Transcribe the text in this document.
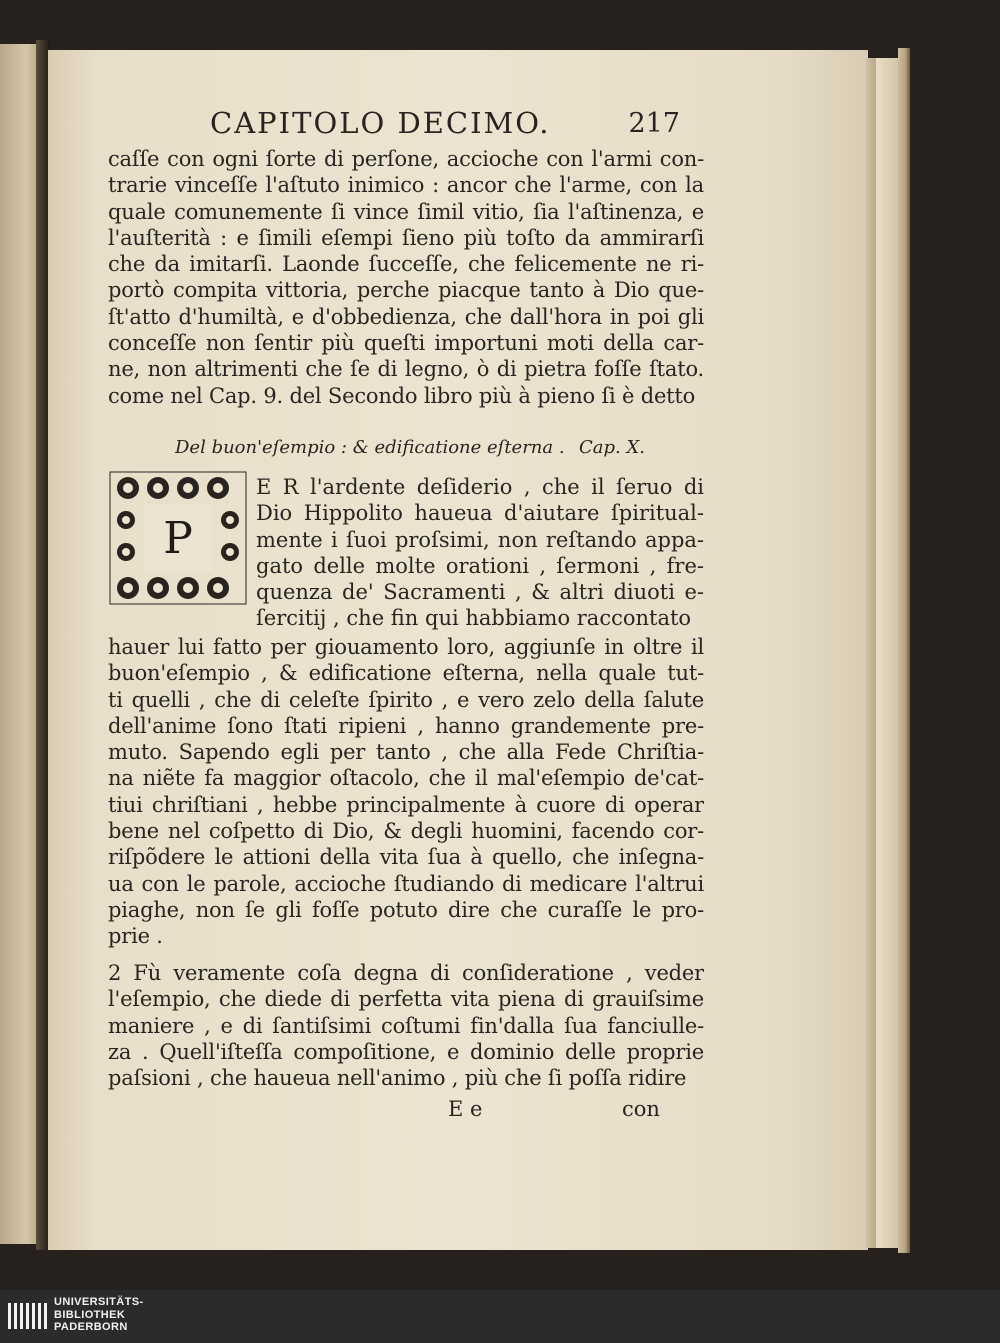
CAPITOLO DECIMO.	217
caſſe con ogni ſorte di perſone, accioche con l'armi con-
trarie vinceſſe l'aſtuto inimico : ancor che l'arme, con la
quale comunemente ſi vince ſimil vitio, ſia l'aſtinenza, e
l'auſterità : e ſimili eſempi ſieno più toſto da ammirarſi
che da imitarſi. Laonde ſucceſſe, che felicemente ne ri-
portò compita vittoria, perche piacque tanto à Dio que-
ſt'atto d'humiltà, e d'obbedienza, che dall'hora in poi gli
conceſſe non ſentir più queſti importuni moti della car-
ne, non altrimenti che ſe di legno, ò di pietra foſſe ſtato.
come nel Cap. 9. del Secondo libro più à pieno ſi è detto
Del buon'eſempio : & edificatione eſterna . Cap. X.
P
E R l'ardente deſiderio , che il ſeruo di
Dio Hippolito haueua d'aiutare ſpiritual-
mente i ſuoi proſsimi, non reſtando appa-
gato delle molte orationi , ſermoni , fre-
quenza de' Sacramenti , & altri diuoti e-
ſercitij , che fin qui habbiamo raccontato
hauer lui fatto per giouamento loro, aggiunſe in oltre il
buon'eſempio , & edificatione eſterna, nella quale tut-
ti quelli , che di celeſte ſpirito , e vero zelo della ſalute
dell'anime ſono ſtati ripieni , hanno grandemente pre-
muto. Sapendo egli per tanto , che alla Fede Chriſtia-
na niẽte fa maggior oſtacolo, che il mal'eſempio de'cat-
tiui chriſtiani , hebbe principalmente à cuore di operar
bene nel coſpetto di Dio, & degli huomini, facendo cor-
riſpõdere le attioni della vita ſua à quello, che inſegna-
ua con le parole, accioche ſtudiando di medicare l'altrui
piaghe, non ſe gli foſſe potuto dire che curaſſe le pro-
prie .
2 Fù veramente coſa degna di conſideratione , veder
l'eſempio, che diede di perfetta vita piena di grauiſsime
maniere , e di ſantiſsimi coſtumi fin'dalla ſua fanciulle-
za . Quell'iſteſſa compoſitione, e dominio delle proprie
paſsioni , che haueua nell'animo , più che ſi poſſa ridire
E e	con
UNIVERSITÄTS-
BIBLIOTHEK
PADERBORN
